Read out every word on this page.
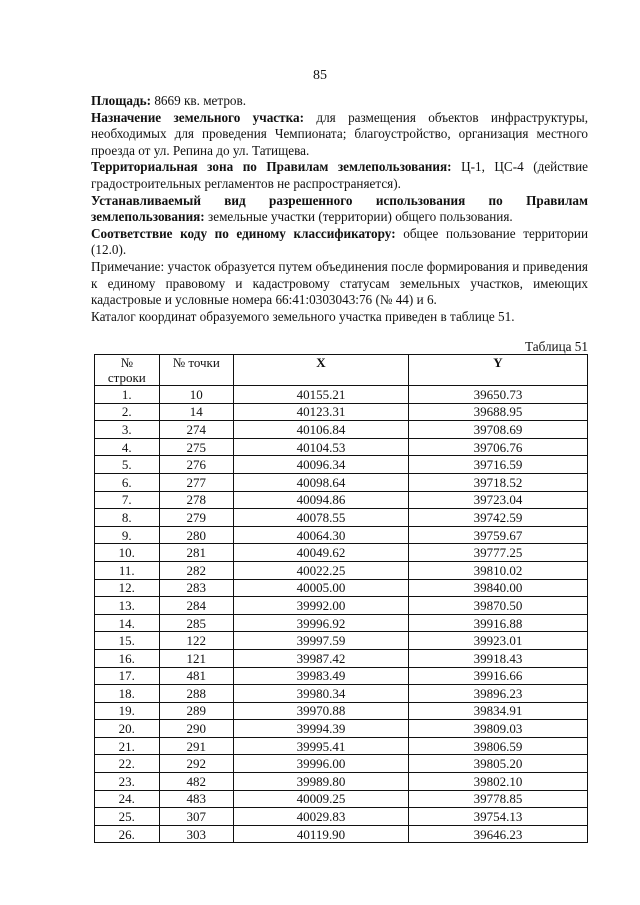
85

Площадь: 8669 кв. метров.

Назначение земельного участка: для размещения объектов инфраструктуры, необходимых для проведения Чемпионата; благоустройство, организация местного проезда от ул. Репина до ул. Татищева.

Территориальная зона по Правилам землепользования: Ц-1, ЦС-4 (действие градостроительных регламентов не распространяется).

Устанавливаемый вид разрешенного использования по Правилам землепользования: земельные участки (территории) общего пользования.

Соответствие коду по единому классификатору: общее пользование территории (12.0).

Примечание: участок образуется путем объединения после формирования и приведения к единому правовому и кадастровому статусам земельных участков, имеющих кадастровые и условные номера 66:41:0303043:76 (№ 44) и 6.

Каталог координат образуемого земельного участка приведен в таблице 51.

Таблица 51
№
строки	№ точки	X	Y
1.	10	40155.21	39650.73
2.	14	40123.31	39688.95
3.	274	40106.84	39708.69
4.	275	40104.53	39706.76
5.	276	40096.34	39716.59
6.	277	40098.64	39718.52
7.	278	40094.86	39723.04
8.	279	40078.55	39742.59
9.	280	40064.30	39759.67
10.	281	40049.62	39777.25
11.	282	40022.25	39810.02
12.	283	40005.00	39840.00
13.	284	39992.00	39870.50
14.	285	39996.92	39916.88
15.	122	39997.59	39923.01
16.	121	39987.42	39918.43
17.	481	39983.49	39916.66
18.	288	39980.34	39896.23
19.	289	39970.88	39834.91
20.	290	39994.39	39809.03
21.	291	39995.41	39806.59
22.	292	39996.00	39805.20
23.	482	39989.80	39802.10
24.	483	40009.25	39778.85
25.	307	40029.83	39754.13
26.	303	40119.90	39646.23
